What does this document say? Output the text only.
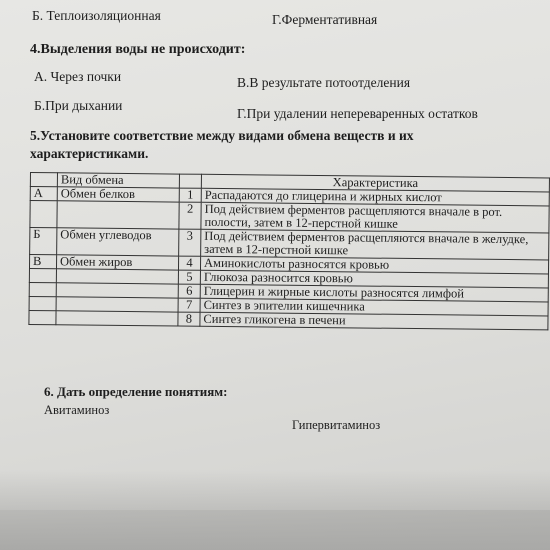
Б. Теплоизоляционная	Г.Ферментативная
4.Выделения воды не происходит:
А. Через почки	В.В результате потоотделения
Б.При дыхании
Г.При удалении непереваренных остатков
5.Установите соответствие между видами обмена веществ и их
характеристиками.
	Вид обмена		Характеристика
А	Обмен белков	1	Распадаются до глицерина и жирных кислот
		2	Под действием ферментов расщепляются вначале в рот. полости, затем в 12-перстной кишке
Б	Обмен углеводов	3	Под действием ферментов расщепляются вначале в желудке, затем в 12-перстной кишке
В	Обмен жиров	4	Аминокислоты разносятся кровью
		5	Глюкоза разносится кровью
		6	Глицерин и жирные кислоты разносятся лимфой
		7	Синтез в эпителии кишечника
		8	Синтез гликогена в печени
6. Дать определение понятиям:
Авитаминоз
Гипервитаминоз
